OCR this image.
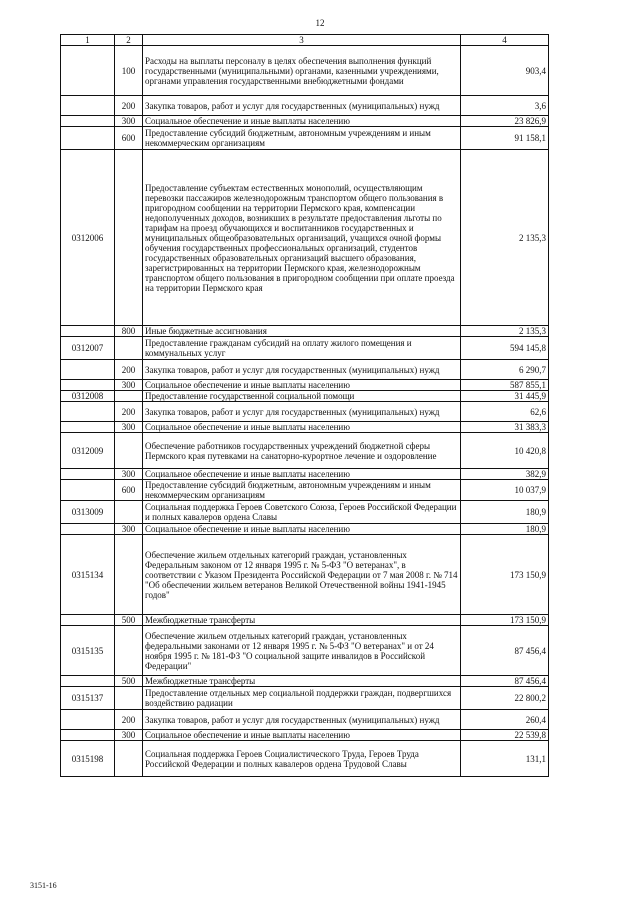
12
1	2	3	4
	100	Расходы на выплаты персоналу в целях обеспечения выполнения функций государственными (муниципальными) органами, казенными учреждениями, органами управления государственными внебюджетными фондами	903,4
	200	Закупка товаров, работ и услуг для государственных (муниципальных) нужд	3,6
	300	Социальное обеспечение и иные выплаты населению	23 826,9
	600	Предоставление субсидий бюджетным, автономным учреждениям и иным некоммерческим организациям	91 158,1
0312006		Предоставление субъектам естественных монополий, осуществляющим перевозки пассажиров железнодорожным транспортом общего пользования в пригородном сообщении на территории Пермского края, компенсации недополученных доходов, возникших в результате предоставления льготы по тарифам на проезд обучающихся и воспитанников государственных и муниципальных общеобразовательных организаций, учащихся очной формы обучения государственных профессиональных организаций, студентов государственных образовательных организаций высшего образования, зарегистрированных на территории Пермского края, железнодорожным транспортом общего пользования в пригородном сообщении при оплате проезда на территории Пермского края	2 135,3
	800	Иные бюджетные ассигнования	2 135,3
0312007		Предоставление гражданам субсидий на оплату жилого помещения и коммунальных услуг	594 145,8
	200	Закупка товаров, работ и услуг для государственных (муниципальных) нужд	6 290,7
	300	Социальное обеспечение и иные выплаты населению	587 855,1
0312008		Предоставление государственной социальной помощи	31 445,9
	200	Закупка товаров, работ и услуг для государственных (муниципальных) нужд	62,6
	300	Социальное обеспечение и иные выплаты населению	31 383,3
0312009		Обеспечение работников государственных учреждений бюджетной сферы Пермского края путевками на санаторно-курортное лечение и оздоровление	10 420,8
	300	Социальное обеспечение и иные выплаты населению	382,9
	600	Предоставление субсидий бюджетным, автономным учреждениям и иным некоммерческим организациям	10 037,9
0313009		Социальная поддержка Героев Советского Союза, Героев Российской Федерации и полных кавалеров ордена Славы	180,9
	300	Социальное обеспечение и иные выплаты населению	180,9
0315134		Обеспечение жильем отдельных категорий граждан, установленных Федеральным законом от 12 января 1995 г. № 5-ФЗ "О ветеранах", в соответствии с Указом Президента Российской Федерации от 7 мая 2008 г. № 714 "Об обеспечении жильем ветеранов Великой Отечественной войны 1941-1945 годов"	173 150,9
	500	Межбюджетные трансферты	173 150,9
0315135		Обеспечение жильем отдельных категорий граждан, установленных федеральными законами от 12 января 1995 г. № 5-ФЗ "О ветеранах" и от 24 ноября 1995 г. № 181-ФЗ "О социальной защите инвалидов в Российской Федерации"	87 456,4
	500	Межбюджетные трансферты	87 456,4
0315137		Предоставление отдельных мер социальной поддержки граждан, подвергшихся воздействию радиации	22 800,2
	200	Закупка товаров, работ и услуг для государственных (муниципальных) нужд	260,4
	300	Социальное обеспечение и иные выплаты населению	22 539,8
0315198		Социальная поддержка Героев Социалистического Труда, Героев Труда Российской Федерации и полных кавалеров ордена Трудовой Славы	131,1
3151-16
